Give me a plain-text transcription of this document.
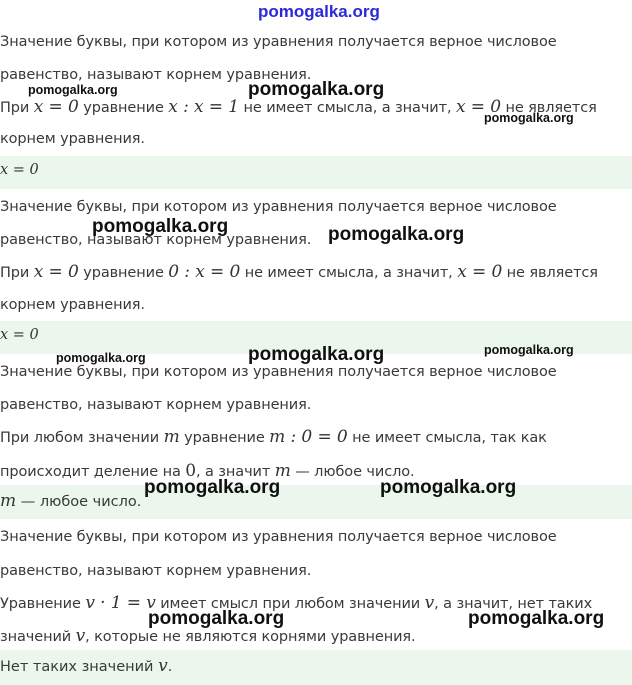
pomogalka.org
Значение буквы, при котором из уравнения получается верное числовое
равенство, называют корнем уравнения.
При x = 0 уравнение x : x = 1 не имеет смысла, а значит, x = 0 не является
корнем уравнения.
x = 0
Значение буквы, при котором из уравнения получается верное числовое
равенство, называют корнем уравнения.
При x = 0 уравнение 0 : x = 0 не имеет смысла, а значит, x = 0 не является
корнем уравнения.
x = 0
Значение буквы, при котором из уравнения получается верное числовое
равенство, называют корнем уравнения.
При любом значении m уравнение m : 0 = 0 не имеет смысла, так как
происходит деление на 0, а значит m — любое число.
m — любое число.
Значение буквы, при котором из уравнения получается верное числовое
равенство, называют корнем уравнения.
Уравнение v · 1 = v имеет смысл при любом значении v, а значит, нет таких
значений v, которые не являются корнями уравнения.
Нет таких значений v.
pomogalka.org	pomogalka.org
pomogalka.org
pomogalka.org	pomogalka.org
pomogalka.org	pomogalka.org	pomogalka.org
pomogalka.org	pomogalka.org
pomogalka.org	pomogalka.org
